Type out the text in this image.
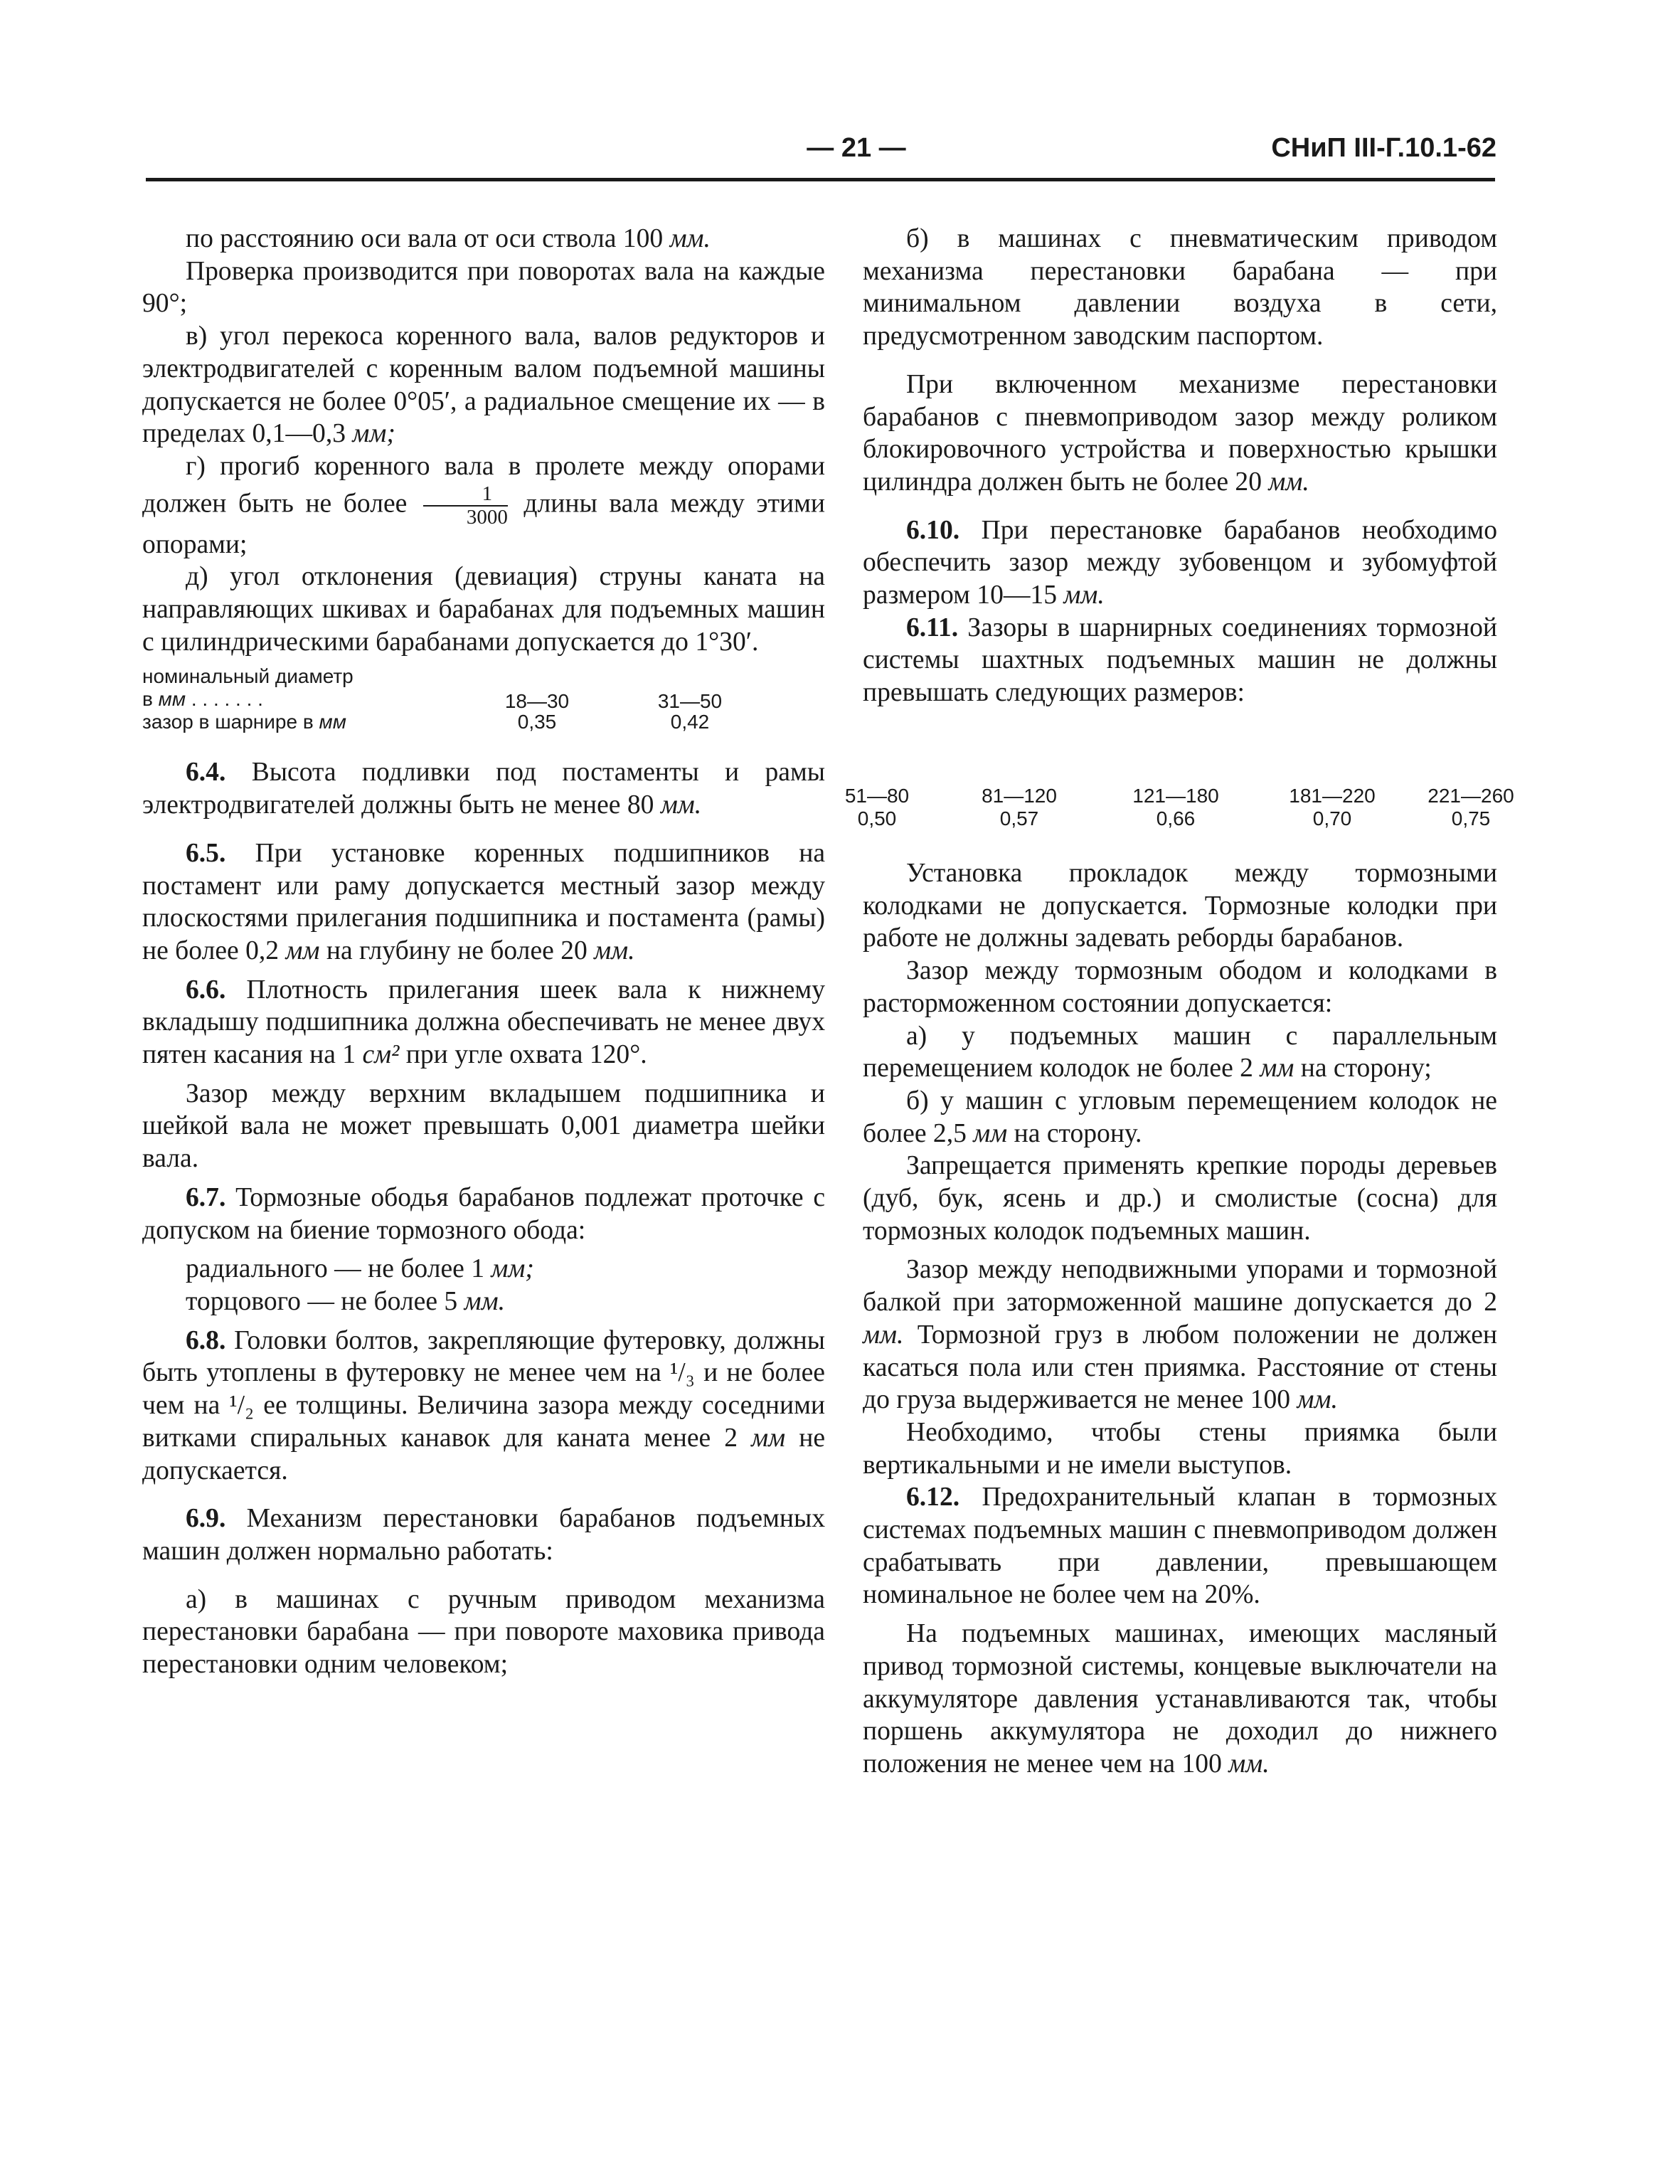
— 21 —	СНиП III-Г.10.1-62

по расстоянию оси вала от оси ствола 100 мм.

Проверка производится при поворотах вала на каждые 90°;

в) угол перекоса коренного вала, валов редукторов и электродвигателей с коренным валом подъемной машины допускается не более 0°05′, а радиальное смещение их — в пределах 0,1—0,3 мм;

г) прогиб коренного вала в пролете между опорами должен быть не более $\frac{1}{3000}$ длины вала между этими опорами;

д) угол отклонения (девиация) струны каната на направляющих шкивах и барабанах для подъемных машин с цилиндрическими барабанами допускается до 1°30′.

номинальный диаметр
в мм . . . . . . .
зазор в шарнире в мм
18—30
0,35
31—50
0,42

6.4. Высота подливки под постаменты и рамы электродвигателей должны быть не менее 80 мм.

6.5. При установке коренных подшипников на постамент или раму допускается местный зазор между плоскостями прилегания подшипника и постамента (рамы) не более 0,2 мм на глубину не более 20 мм.

6.6. Плотность прилегания шеек вала к нижнему вкладышу подшипника должна обеспечивать не менее двух пятен касания на 1 см² при угле охвата 120°.

Зазор между верхним вкладышем подшипника и шейкой вала не может превышать 0,001 диаметра шейки вала.

6.7. Тормозные ободья барабанов подлежат проточке с допуском на биение тормозного обода:

радиального — не более 1 мм;

торцового — не более 5 мм.

6.8. Головки болтов, закрепляющие футеровку, должны быть утоплены в футеровку не менее чем на ¹/₃ и не более чем на ¹/₂ ее толщины. Величина зазора между соседними витками спиральных канавок для каната менее 2 мм не допускается.

6.9. Механизм перестановки барабанов подъемных машин должен нормально работать:

а) в машинах с ручным приводом механизма перестановки барабана — при повороте маховика привода перестановки одним человеком;

б) в машинах с пневматическим приводом механизма перестановки барабана — при минимальном давлении воздуха в сети, предусмотренном заводским паспортом.

При включенном механизме перестановки барабанов с пневмоприводом зазор между роликом блокировочного устройства и поверхностью крышки цилиндра должен быть не более 20 мм.

6.10. При перестановке барабанов необходимо обеспечить зазор между зубовенцом и зубомуфтой размером 10—15 мм.

6.11. Зазоры в шарнирных соединениях тормозной системы шахтных подъемных машин не должны превышать следующих размеров:

51—80
0,50
81—120
0,57
121—180
0,66
181—220
0,70
221—260
0,75

Установка прокладок между тормозными колодками не допускается. Тормозные колодки при работе не должны задевать реборды барабанов.

Зазор между тормозным ободом и колодками в расторможенном состоянии допускается:

а) у подъемных машин с параллельным перемещением колодок не более 2 мм на сторону;

б) у машин с угловым перемещением колодок не более 2,5 мм на сторону.

Запрещается применять крепкие породы деревьев (дуб, бук, ясень и др.) и смолистые (сосна) для тормозных колодок подъемных машин.

Зазор между неподвижными упорами и тормозной балкой при заторможенной машине допускается до 2 мм. Тормозной груз в любом положении не должен касаться пола или стен приямка. Расстояние от стены до груза выдерживается не менее 100 мм.

Необходимо, чтобы стены приямка были вертикальными и не имели выступов.

6.12. Предохранительный клапан в тормозных системах подъемных машин с пневмоприводом должен срабатывать при давлении, превышающем номинальное не более чем на 20%.

На подъемных машинах, имеющих масляный привод тормозной системы, концевые выключатели на аккумуляторе давления устанавливаются так, чтобы поршень аккумулятора не доходил до нижнего положения не менее чем на 100 мм.
